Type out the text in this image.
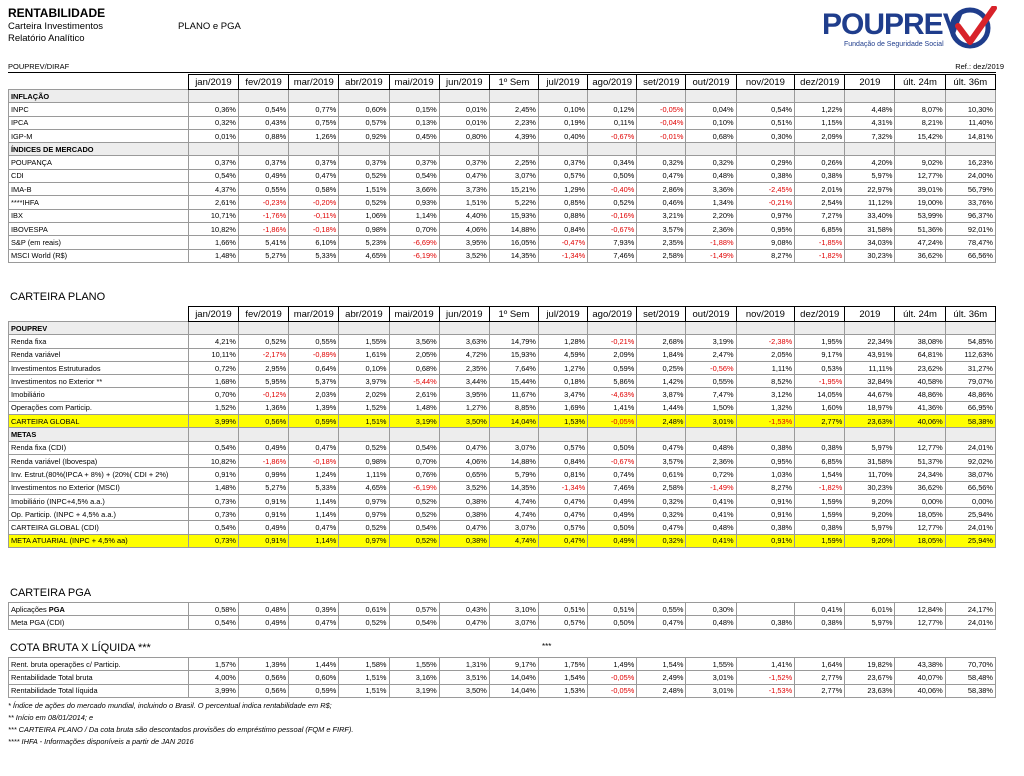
RENTABILIDADE
Carteira Investimentos
Relatório Analítico
PLANO e PGA	POUPREV
Fundação de Seguridade Social
POUPREV/DIRAF	Ref.: dez/2019
	jan/2019	fev/2019	mar/2019	abr/2019	mai/2019	jun/2019	1º Sem	jul/2019	ago/2019	set/2019	out/2019	nov/2019	dez/2019	2019	últ. 24m	últ. 36m
INFLAÇÃO																
INPC	0,36%	0,54%	0,77%	0,60%	0,15%	0,01%	2,45%	0,10%	0,12%	-0,05%	0,04%	0,54%	1,22%	4,48%	8,07%	10,30%
IPCA	0,32%	0,43%	0,75%	0,57%	0,13%	0,01%	2,23%	0,19%	0,11%	-0,04%	0,10%	0,51%	1,15%	4,31%	8,21%	11,40%
IGP-M	0,01%	0,88%	1,26%	0,92%	0,45%	0,80%	4,39%	0,40%	-0,67%	-0,01%	0,68%	0,30%	2,09%	7,32%	15,42%	14,81%
ÍNDICES DE MERCADO																
POUPANÇA	0,37%	0,37%	0,37%	0,37%	0,37%	0,37%	2,25%	0,37%	0,34%	0,32%	0,32%	0,29%	0,26%	4,20%	9,02%	16,23%
CDI	0,54%	0,49%	0,47%	0,52%	0,54%	0,47%	3,07%	0,57%	0,50%	0,47%	0,48%	0,38%	0,38%	5,97%	12,77%	24,00%
IMA-B	4,37%	0,55%	0,58%	1,51%	3,66%	3,73%	15,21%	1,29%	-0,40%	2,86%	3,36%	-2,45%	2,01%	22,97%	39,01%	56,79%
****IHFA	2,61%	-0,23%	-0,20%	0,52%	0,93%	1,51%	5,22%	0,85%	0,52%	0,46%	1,34%	-0,21%	2,54%	11,12%	19,00%	33,76%
IBX	10,71%	-1,76%	-0,11%	1,06%	1,14%	4,40%	15,93%	0,88%	-0,16%	3,21%	2,20%	0,97%	7,27%	33,40%	53,99%	96,37%
IBOVESPA	10,82%	-1,86%	-0,18%	0,98%	0,70%	4,06%	14,88%	0,84%	-0,67%	3,57%	2,36%	0,95%	6,85%	31,58%	51,36%	92,01%
S&P (em reais)	1,66%	5,41%	6,10%	5,23%	-6,69%	3,95%	16,05%	-0,47%	7,93%	2,35%	-1,88%	9,08%	-1,85%	34,03%	47,24%	78,47%
MSCI World (R$)	1,48%	5,27%	5,33%	4,65%	-6,19%	3,52%	14,35%	-1,34%	7,46%	2,58%	-1,49%	8,27%	-1,82%	30,23%	36,62%	66,56%
CARTEIRA PLANO
	jan/2019	fev/2019	mar/2019	abr/2019	mai/2019	jun/2019	1º Sem	jul/2019	ago/2019	set/2019	out/2019	nov/2019	dez/2019	2019	últ. 24m	últ. 36m
POUPREV																
Renda fixa	4,21%	0,52%	0,55%	1,55%	3,56%	3,63%	14,79%	1,28%	-0,21%	2,68%	3,19%	-2,38%	1,95%	22,34%	38,08%	54,85%
Renda variável	10,11%	-2,17%	-0,89%	1,61%	2,05%	4,72%	15,93%	4,59%	2,09%	1,84%	2,47%	2,05%	9,17%	43,91%	64,81%	112,63%
Investimentos Estruturados	0,72%	2,95%	0,64%	0,10%	0,68%	2,35%	7,64%	1,27%	0,59%	0,25%	-0,56%	1,11%	0,53%	11,11%	23,62%	31,27%
Investimentos no Exterior **	1,68%	5,95%	5,37%	3,97%	-5,44%	3,44%	15,44%	0,18%	5,86%	1,42%	0,55%	8,52%	-1,95%	32,84%	40,58%	79,07%
Imobiliário	0,70%	-0,12%	2,03%	2,02%	2,61%	3,95%	11,67%	3,47%	-4,63%	3,87%	7,47%	3,12%	14,05%	44,67%	48,86%	48,86%
Operações com Particip.	1,52%	1,36%	1,39%	1,52%	1,48%	1,27%	8,85%	1,69%	1,41%	1,44%	1,50%	1,32%	1,60%	18,97%	41,36%	66,95%
CARTEIRA GLOBAL	3,99%	0,56%	0,59%	1,51%	3,19%	3,50%	14,04%	1,53%	-0,05%	2,48%	3,01%	-1,53%	2,77%	23,63%	40,06%	58,38%
METAS																
Renda fixa (CDI)	0,54%	0,49%	0,47%	0,52%	0,54%	0,47%	3,07%	0,57%	0,50%	0,47%	0,48%	0,38%	0,38%	5,97%	12,77%	24,01%
Renda variável (Ibovespa)	10,82%	-1,86%	-0,18%	0,98%	0,70%	4,06%	14,88%	0,84%	-0,67%	3,57%	2,36%	0,95%	6,85%	31,58%	51,37%	92,02%
Inv. Estrut.(80%(IPCA + 8%) + (20%( CDI + 2%)	0,91%	0,99%	1,24%	1,11%	0,76%	0,65%	5,79%	0,81%	0,74%	0,61%	0,72%	1,03%	1,54%	11,70%	24,34%	38,07%
Investimentos no Exterior (MSCI)	1,48%	5,27%	5,33%	4,65%	-6,19%	3,52%	14,35%	-1,34%	7,46%	2,58%	-1,49%	8,27%	-1,82%	30,23%	36,62%	66,56%
Imobiliário (INPC+4,5% a.a.)	0,73%	0,91%	1,14%	0,97%	0,52%	0,38%	4,74%	0,47%	0,49%	0,32%	0,41%	0,91%	1,59%	9,20%	0,00%	0,00%
Op. Particip. (INPC + 4,5% a.a.)	0,73%	0,91%	1,14%	0,97%	0,52%	0,38%	4,74%	0,47%	0,49%	0,32%	0,41%	0,91%	1,59%	9,20%	18,05%	25,94%
CARTEIRA GLOBAL (CDI)	0,54%	0,49%	0,47%	0,52%	0,54%	0,47%	3,07%	0,57%	0,50%	0,47%	0,48%	0,38%	0,38%	5,97%	12,77%	24,01%
META ATUARIAL (INPC + 4,5% aa)	0,73%	0,91%	1,14%	0,97%	0,52%	0,38%	4,74%	0,47%	0,49%	0,32%	0,41%	0,91%	1,59%	9,20%	18,05%	25,94%
CARTEIRA PGA
Aplicações PGA	0,58%	0,48%	0,39%	0,61%	0,57%	0,43%	3,10%	0,51%	0,51%	0,55%	0,30%		0,41%	6,01%	12,84%	24,17%
Meta PGA (CDI)	0,54%	0,49%	0,47%	0,52%	0,54%	0,47%	3,07%	0,57%	0,50%	0,47%	0,48%	0,38%	0,38%	5,97%	12,77%	24,01%
COTA BRUTA X LÍQUIDA ***	***
Rent. bruta operações c/ Particip.	1,57%	1,39%	1,44%	1,58%	1,55%	1,31%	9,17%	1,75%	1,49%	1,54%	1,55%	1,41%	1,64%	19,82%	43,38%	70,70%
Rentabilidade Total bruta	4,00%	0,56%	0,60%	1,51%	3,16%	3,51%	14,04%	1,54%	-0,05%	2,49%	3,01%	-1,52%	2,77%	23,67%	40,07%	58,48%
Rentabilidade Total líquida	3,99%	0,56%	0,59%	1,51%	3,19%	3,50%	14,04%	1,53%	-0,05%	2,48%	3,01%	-1,53%	2,77%	23,63%	40,06%	58,38%
* Índice de ações do mercado mundial, incluindo o Brasil. O percentual indica rentabilidade em R$;
** Início em 08/01/2014; e
*** CARTEIRA PLANO / Da cota bruta são descontados provisões do empréstimo pessoal (FQM e FIRF).
**** IHFA - Informações disponíveis a partir de JAN 2016
